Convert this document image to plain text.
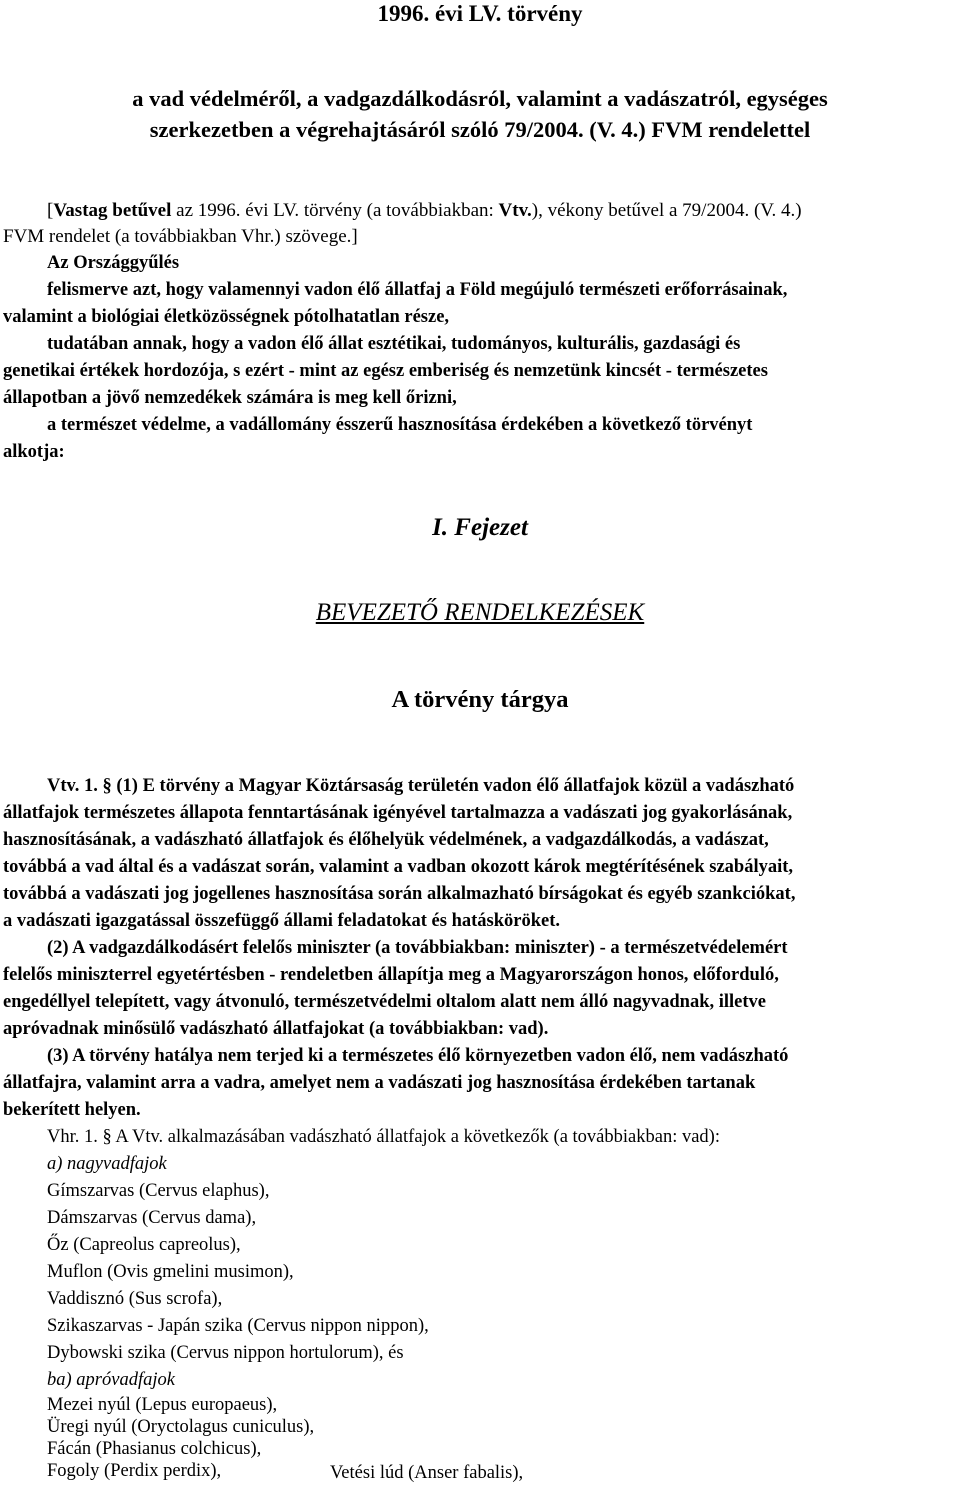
1996. évi LV. törvény
a vad védelméről, a vadgazdálkodásról, valamint a vadászatról, egységes
szerkezetben a végrehajtásáról szóló 79/2004. (V. 4.) FVM rendelettel
[Vastag betűvel az 1996. évi LV. törvény (a továbbiakban: Vtv.), vékony betűvel a 79/2004. (V. 4.)
FVM rendelet (a továbbiakban Vhr.) szövege.]
Az Országgyűlés
felismerve azt, hogy valamennyi vadon élő állatfaj a Föld megújuló természeti erőforrásainak,
valamint a biológiai életközösségnek pótolhatatlan része,
tudatában annak, hogy a vadon élő állat esztétikai, tudományos, kulturális, gazdasági és
genetikai értékek hordozója, s ezért - mint az egész emberiség és nemzetünk kincsét - természetes
állapotban a jövő nemzedékek számára is meg kell őrizni,
a természet védelme, a vadállomány ésszerű hasznosítása érdekében a következő törvényt
alkotja:
I. Fejezet
BEVEZETŐ RENDELKEZÉSEK
A törvény tárgya
Vtv. 1. § (1) E törvény a Magyar Köztársaság területén vadon élő állatfajok közül a vadászható
állatfajok természetes állapota fenntartásának igényével tartalmazza a vadászati jog gyakorlásának,
hasznosításának, a vadászható állatfajok és élőhelyük védelmének, a vadgazdálkodás, a vadászat,
továbbá a vad által és a vadászat során, valamint a vadban okozott károk megtérítésének szabályait,
továbbá a vadászati jog jogellenes hasznosítása során alkalmazható bírságokat és egyéb szankciókat,
a vadászati igazgatással összefüggő állami feladatokat és hatásköröket.
(2) A vadgazdálkodásért felelős miniszter (a továbbiakban: miniszter) - a természetvédelemért
felelős miniszterrel egyetértésben - rendeletben állapítja meg a Magyarországon honos, előforduló,
engedéllyel telepített, vagy átvonuló, természetvédelmi oltalom alatt nem álló nagyvadnak, illetve
apróvadnak minősülő vadászható állatfajokat (a továbbiakban: vad).
(3) A törvény hatálya nem terjed ki a természetes élő környezetben vadon élő, nem vadászható
állatfajra, valamint arra a vadra, amelyet nem a vadászati jog hasznosítása érdekében tartanak
bekerített helyen.
Vhr. 1. § A Vtv. alkalmazásában vadászható állatfajok a következők (a továbbiakban: vad):
a) nagyvadfajok
Gímszarvas (Cervus elaphus),
Dámszarvas (Cervus dama),
Őz (Capreolus capreolus),
Muflon (Ovis gmelini musimon),
Vaddisznó (Sus scrofa),
Szikaszarvas - Japán szika (Cervus nippon nippon),
Dybowski szika (Cervus nippon hortulorum), és
ba) apróvadfajok
Mezei nyúl (Lepus europaeus),
Üregi nyúl (Oryctolagus cuniculus),
Fácán (Phasianus colchicus),
Fogoly (Perdix perdix),	Vetési lúd (Anser fabalis),
